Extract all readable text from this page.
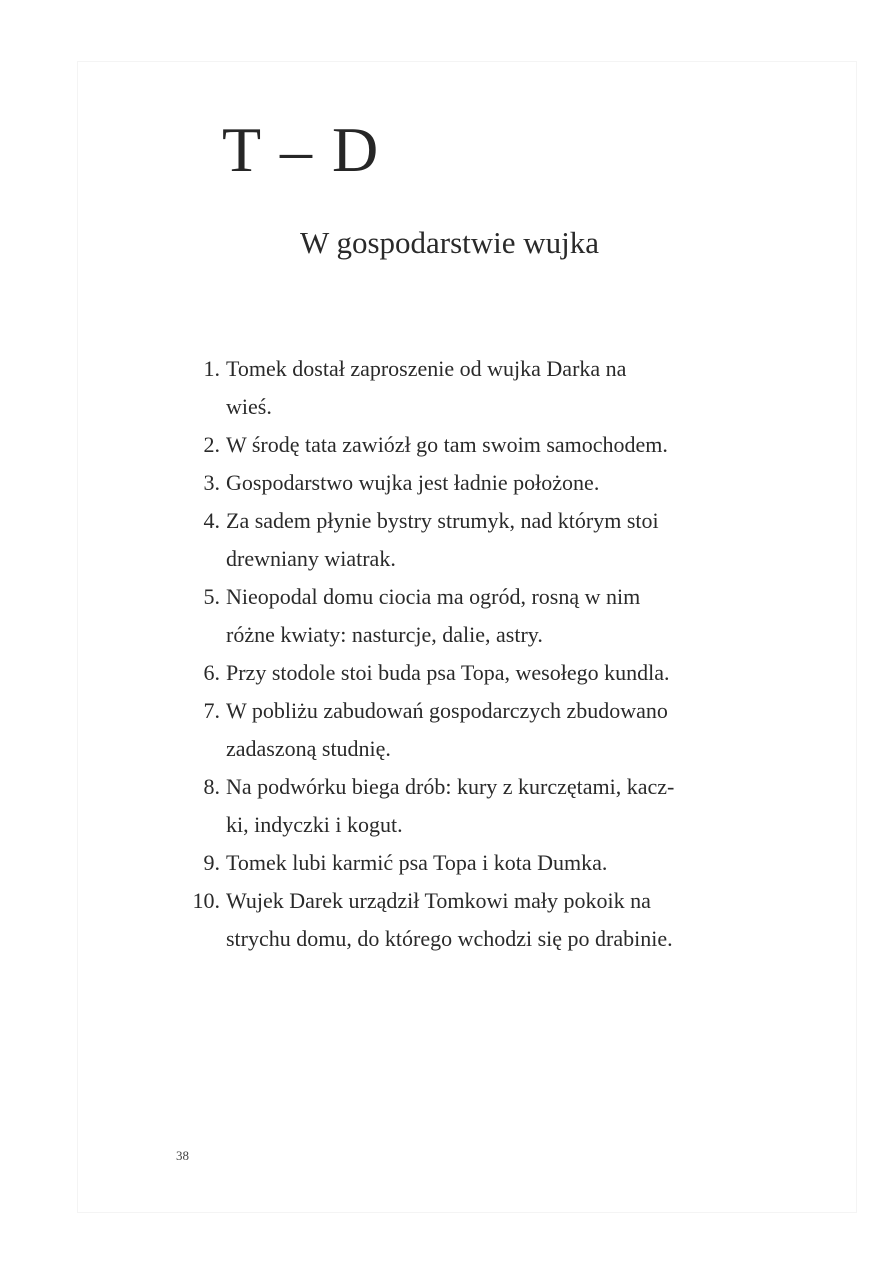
T – D
W gospodarstwie wujka
1. Tomek dostał zaproszenie od wujka Darka na
wieś.
2. W środę tata zawiózł go tam swoim samochodem.
3. Gospodarstwo wujka jest ładnie położone.
4. Za sadem płynie bystry strumyk, nad którym stoi
drewniany wiatrak.
5. Nieopodal domu ciocia ma ogród, rosną w nim
różne kwiaty: nasturcje, dalie, astry.
6. Przy stodole stoi buda psa Topa, wesołego kundla.
7. W pobliżu zabudowań gospodarczych zbudowano
zadaszoną studnię.
8. Na podwórku biega drób: kury z kurczętami, kacz-
ki, indyczki i kogut.
9. Tomek lubi karmić psa Topa i kota Dumka.
10. Wujek Darek urządził Tomkowi mały pokoik na
strychu domu, do którego wchodzi się po drabinie.
38
